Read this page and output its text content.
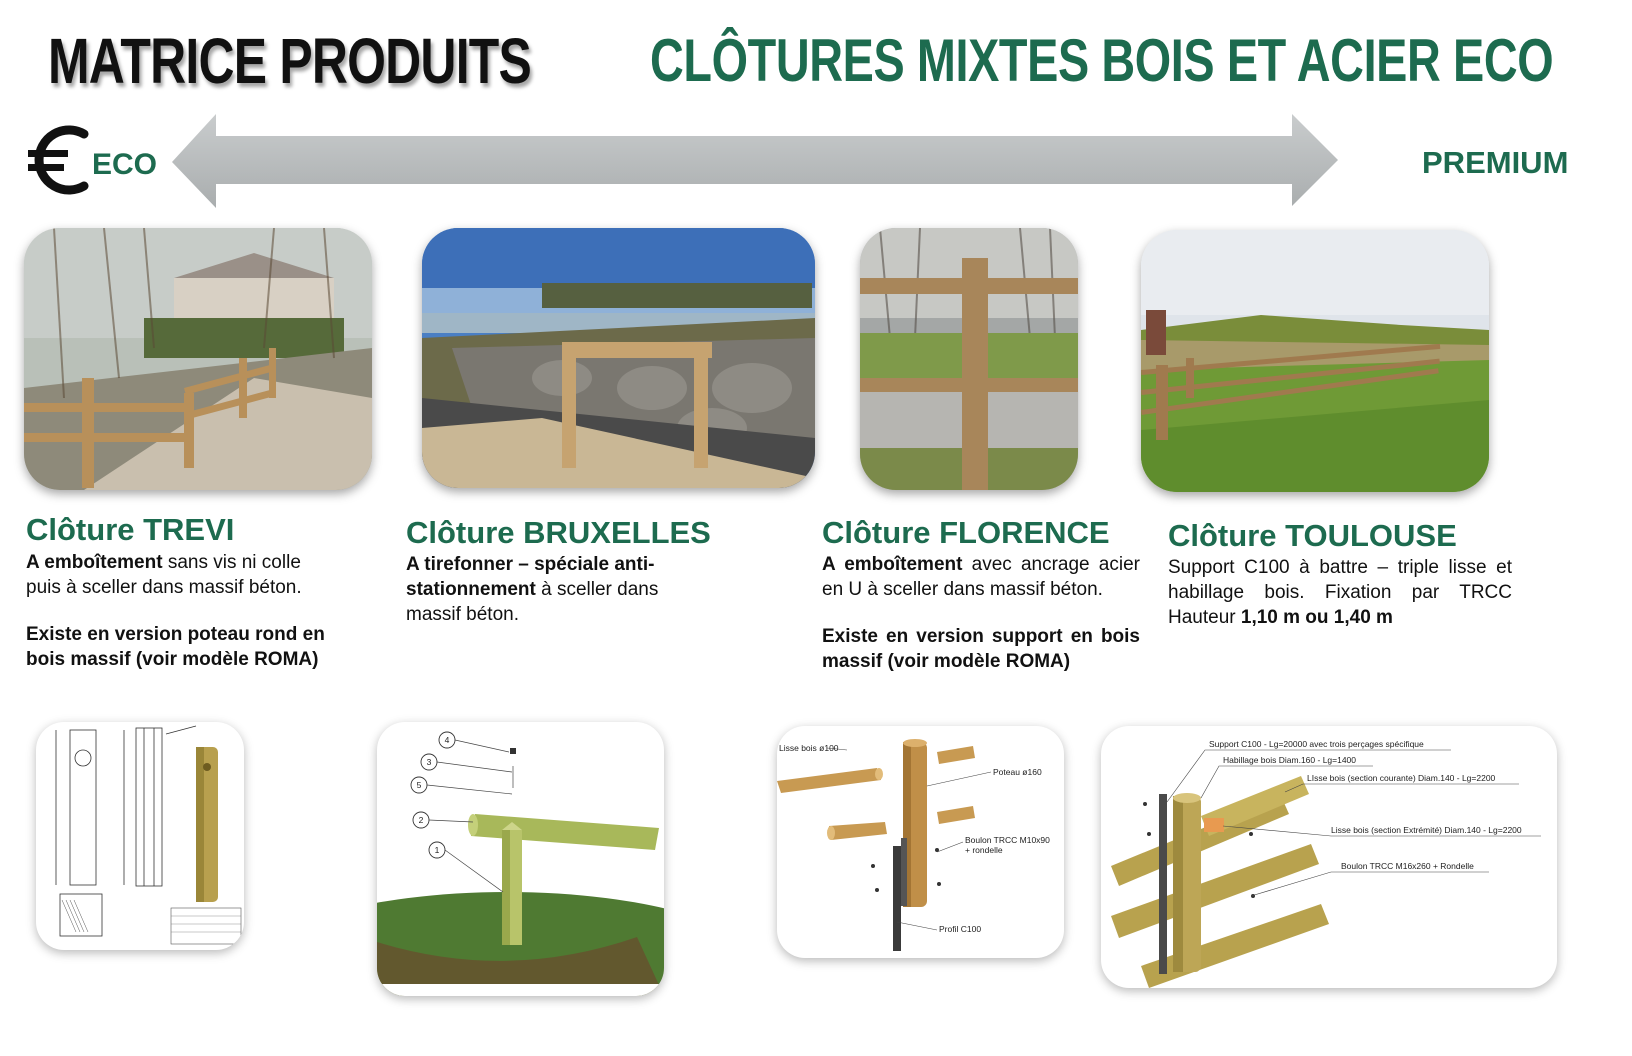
MATRICE PRODUITS CLÔTURES MIXTES BOIS ET ACIER ECO
ECO	PREMIUM
Clôture TREVI
A emboîtement sans vis ni colle puis à sceller dans massif béton.
Existe en version poteau rond en bois massif (voir modèle ROMA)
Clôture BRUXELLES
A tirefonner – spéciale anti-stationnement à sceller dans massif béton.
Clôture FLORENCE
A emboîtement avec ancrage acier en U à sceller dans massif béton.
Existe en version support en bois massif (voir modèle ROMA)
Clôture TOULOUSE
Support C100 à battre – triple lisse et habillage bois. Fixation par TRCC Hauteur 1,10 m ou 1,40 m
4
3
5
2
1
Lisse bois ø100
Poteau ø160
Boulon TRCC M10x90
+ rondelle
Profil C100
Support C100 - Lg=20000 avec trois perçages spécifique
Habillage bois Diam.160 - Lg=1400
LIsse bois (section courante) Diam.140 - Lg=2200
Lisse bois (section Extrémité) Diam.140 - Lg=2200
Boulon TRCC M16x260 + Rondelle
